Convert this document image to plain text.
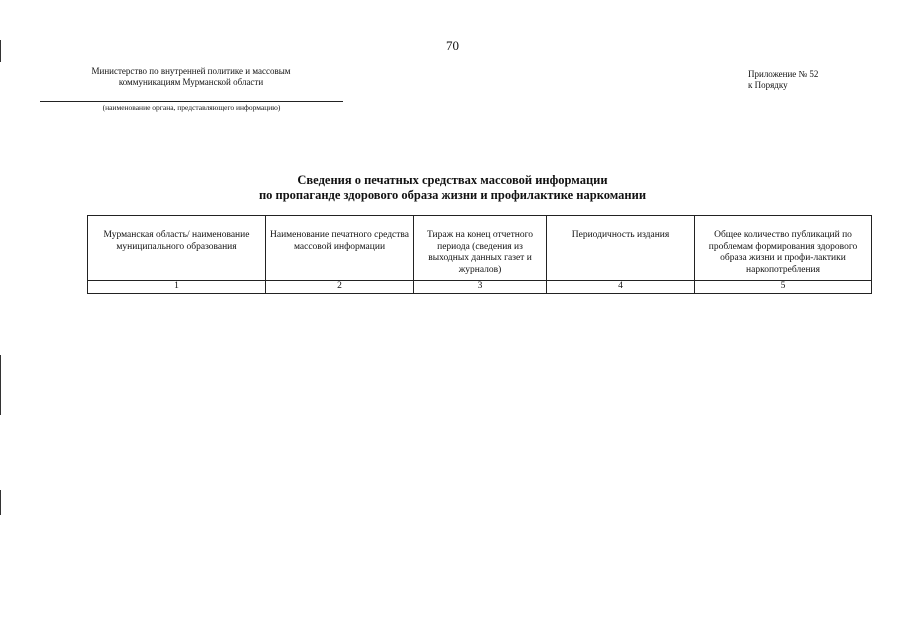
70
Министерство по внутренней политике и массовым
коммуникациям Мурманской области
(наименование органа, представляющего информацию)
Приложение № 52
к Порядку
Сведения о печатных средствах массовой информации
по пропаганде здорового образа жизни и профилактике наркомании
Мурманская область/ наименование муниципального образования	Наименование печатного средства массовой информации	Тираж на конец отчетного периода (сведения из выходных данных газет и журналов)	Периодичность издания	Общее количество публикаций по проблемам формирования здорового образа жизни и профи-лактики наркопотребления
1	2	3	4	5
